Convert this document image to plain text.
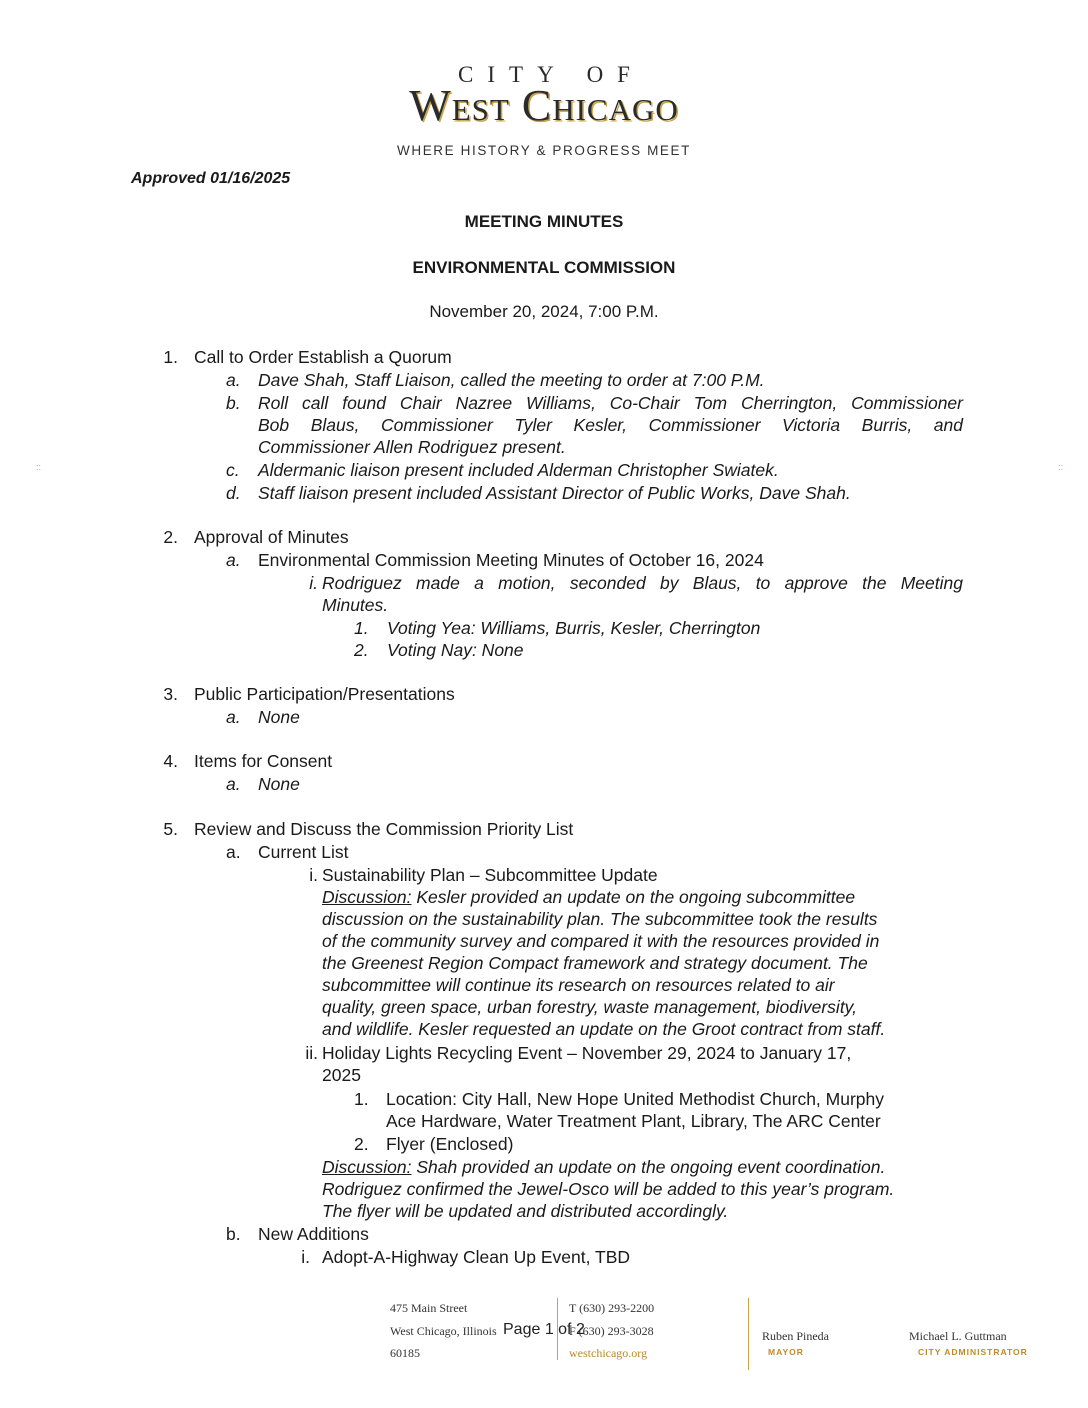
CITY OF
West Chicago
WHERE HISTORY & PROGRESS MEET
Approved 01/16/2025
MEETING MINUTES
ENVIRONMENTAL COMMISSION
November 20, 2024, 7:00 P.M.
::	::
1. Call to Order Establish a Quorum
a. Dave Shah, Staff Liaison, called the meeting to order at 7:00 P.M.
b. Roll call found Chair Nazree Williams, Co-Chair Tom Cherrington, Commissioner
Bob Blaus, Commissioner Tyler Kesler, Commissioner Victoria Burris, and
Commissioner Allen Rodriguez present.
c. Aldermanic liaison present included Alderman Christopher Swiatek.
d. Staff liaison present included Assistant Director of Public Works, Dave Shah.
2. Approval of Minutes
a. Environmental Commission Meeting Minutes of October 16, 2024
i. Rodriguez made a motion, seconded by Blaus, to approve the Meeting
Minutes.
1. Voting Yea: Williams, Burris, Kesler, Cherrington
2. Voting Nay: None
3. Public Participation/Presentations
a. None
4. Items for Consent
a. None
5. Review and Discuss the Commission Priority List
a. Current List
i. Sustainability Plan – Subcommittee Update
Discussion: Kesler provided an update on the ongoing subcommittee
discussion on the sustainability plan. The subcommittee took the results
of the community survey and compared it with the resources provided in
the Greenest Region Compact framework and strategy document. The
subcommittee will continue its research on resources related to air
quality, green space, urban forestry, waste management, biodiversity,
and wildlife. Kesler requested an update on the Groot contract from staff.
ii. Holiday Lights Recycling Event – November 29, 2024 to January 17,
2025
1. Location: City Hall, New Hope United Methodist Church, Murphy
Ace Hardware, Water Treatment Plant, Library, The ARC Center
2. Flyer (Enclosed)
Discussion: Shah provided an update on the ongoing event coordination.
Rodriguez confirmed the Jewel-Osco will be added to this year’s program.
The flyer will be updated and distributed accordingly.
b. New Additions
i. Adopt-A-Highway Clean Up Event, TBD
475 Main Street
West Chicago, Illinois
60185
T (630) 293-2200
F (630) 293-3028
westchicago.org
Ruben Pineda
MAYOR
Michael L. Guttman
CITY ADMINISTRATOR
Page 1 of 2
